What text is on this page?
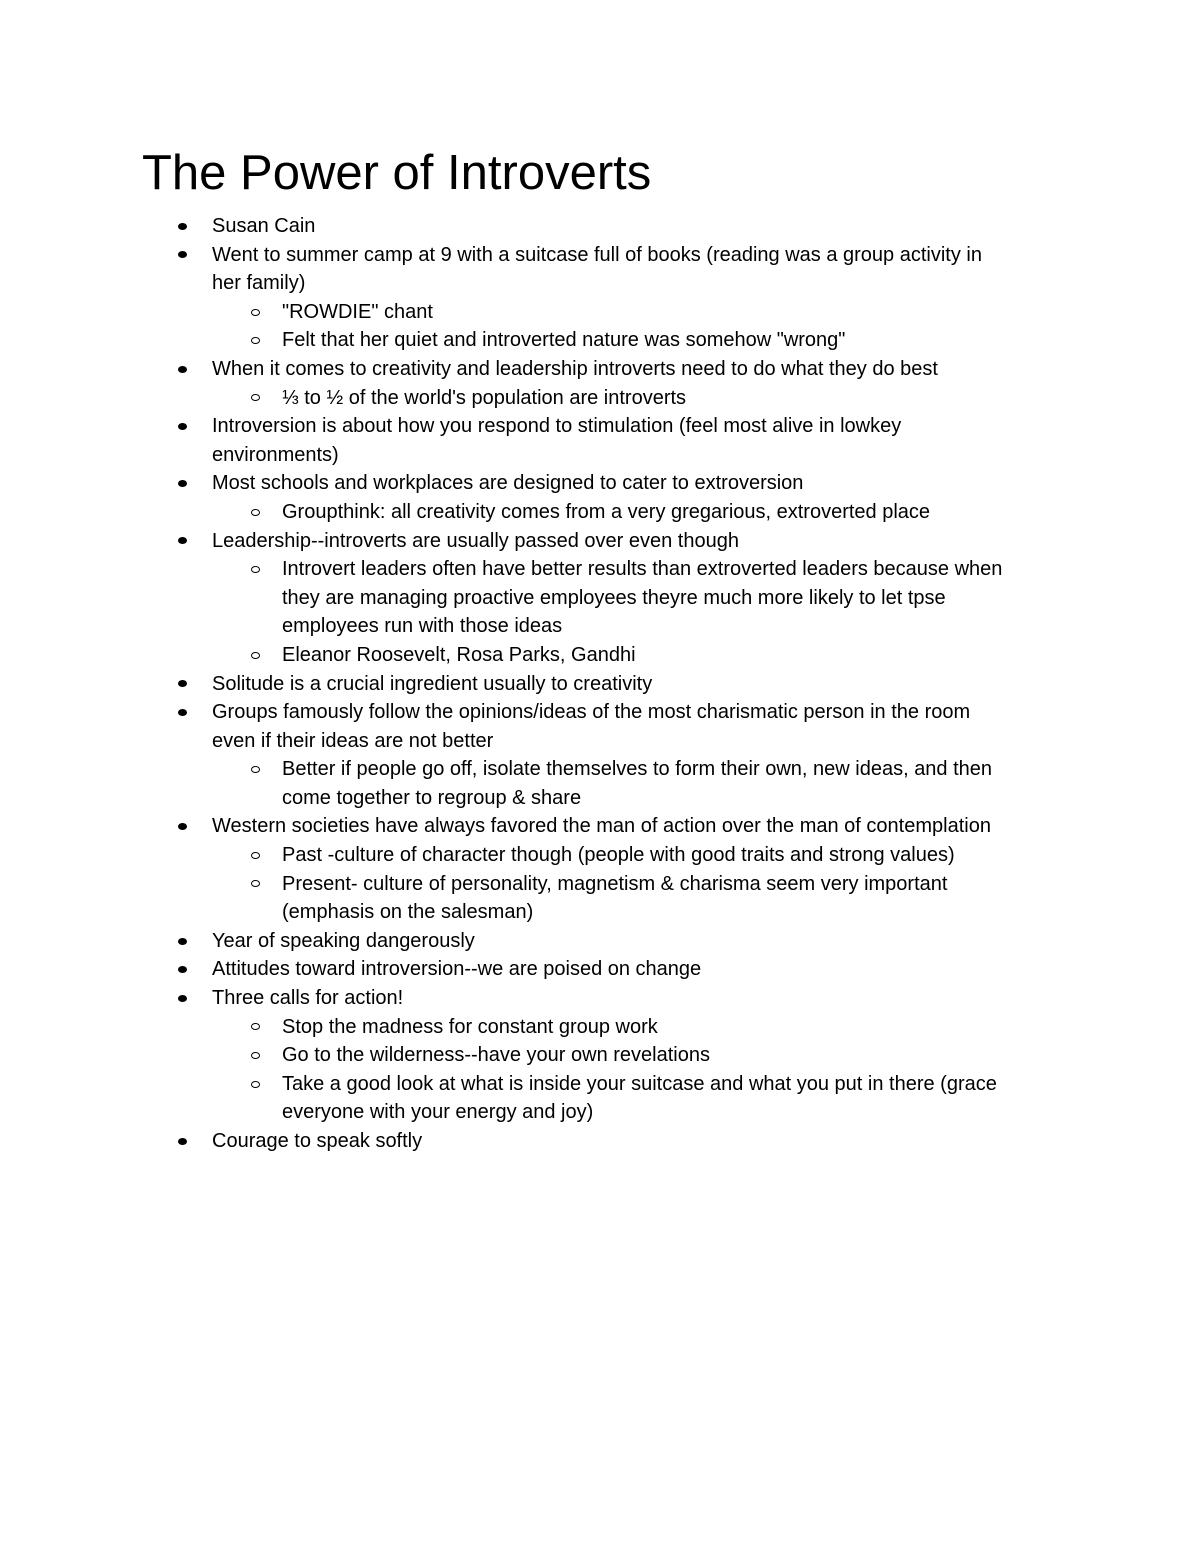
The Power of Introverts
Susan Cain
Went to summer camp at 9 with a suitcase full of books (reading was a group activity in
her family)
"ROWDIE" chant
Felt that her quiet and introverted nature was somehow "wrong"
When it comes to creativity and leadership introverts need to do what they do best
⅓ to ½ of the world's population are introverts
Introversion is about how you respond to stimulation (feel most alive in lowkey
environments)
Most schools and workplaces are designed to cater to extroversion
Groupthink: all creativity comes from a very gregarious, extroverted place
Leadership--introverts are usually passed over even though
Introvert leaders often have better results than extroverted leaders because when
they are managing proactive employees theyre much more likely to let tpse
employees run with those ideas
Eleanor Roosevelt, Rosa Parks, Gandhi
Solitude is a crucial ingredient usually to creativity
Groups famously follow the opinions/ideas of the most charismatic person in the room
even if their ideas are not better
Better if people go off, isolate themselves to form their own, new ideas, and then
come together to regroup & share
Western societies have always favored the man of action over the man of contemplation
Past -culture of character though (people with good traits and strong values)
Present- culture of personality, magnetism & charisma seem very important
(emphasis on the salesman)
Year of speaking dangerously
Attitudes toward introversion--we are poised on change
Three calls for action!
Stop the madness for constant group work
Go to the wilderness--have your own revelations
Take a good look at what is inside your suitcase and what you put in there (grace
everyone with your energy and joy)
Courage to speak softly
